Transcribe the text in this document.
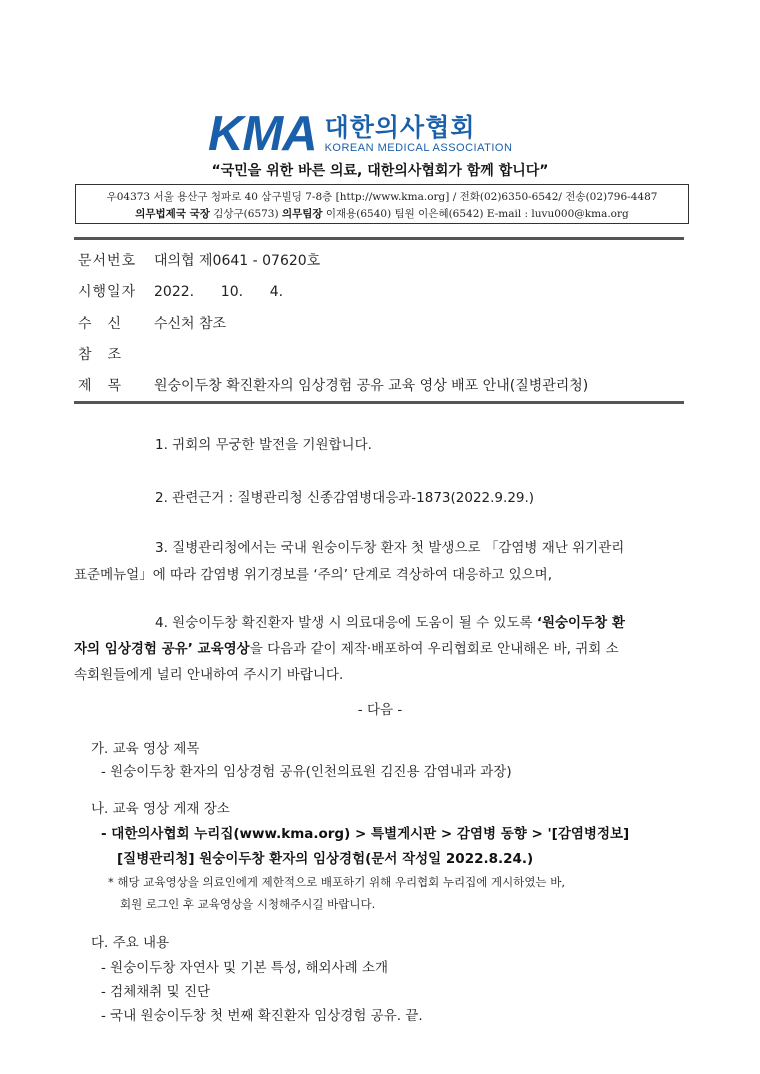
KMA 대한의사협회
KOREAN MEDICAL ASSOCIATION
“국민을 위한 바른 의료, 대한의사협회가 함께 합니다”
우04373 서울 용산구 청파로 40 삼구빌딩 7-8층 [http://www.kma.org] / 전화(02)6350-6542/ 전송(02)796-4487
의무법제국 국장 김상구(6573) 의무팀장 이재용(6540) 팀원 이은혜(6542) E-mail : luvu000@kma.org
문서번호 대의협 제0641 - 07620호
시행일자 2022.      10.      4.
수신 수신처 참조
참조
제목 원숭이두창 확진환자의 임상경험 공유 교육 영상 배포 안내(질병관리청)
1. 귀회의 무궁한 발전을 기원합니다.
2. 관련근거 : 질병관리청 신종감염병대응과-1873(2022.9.29.)
3. 질병관리청에서는 국내 원숭이두창 환자 첫 발생으로 「감염병 재난 위기관리
표준메뉴얼」에 따라 감염병 위기경보를 ‘주의’ 단계로 격상하여 대응하고 있으며,
4. 원숭이두창 확진환자 발생 시 의료대응에 도움이 될 수 있도록 ‘원숭이두창 환
자의 임상경험 공유’ 교육영상을 다음과 같이 제작·배포하여 우리협회로 안내해온 바, 귀회 소
속회원들에게 널리 안내하여 주시기 바랍니다.
- 다음 -
가. 교육 영상 제목
- 원숭이두창 환자의 임상경험 공유(인천의료원 김진용 감염내과 과장)
나. 교육 영상 게재 장소
- 대한의사협회 누리집(www.kma.org) > 특별게시판 > 감염병 동향 > '[감염병정보]
[질병관리청] 원숭이두창 환자의 임상경험(문서 작성일 2022.8.24.)
* 해당 교육영상을 의료인에게 제한적으로 배포하기 위해 우리협회 누리집에 게시하였는 바,
회원 로그인 후 교육영상을 시청해주시길 바랍니다.
다. 주요 내용
- 원숭이두창 자연사 및 기본 특성, 해외사례 소개
- 검체채취 및 진단
- 국내 원숭이두창 첫 번째 확진환자 임상경험 공유. 끝.
